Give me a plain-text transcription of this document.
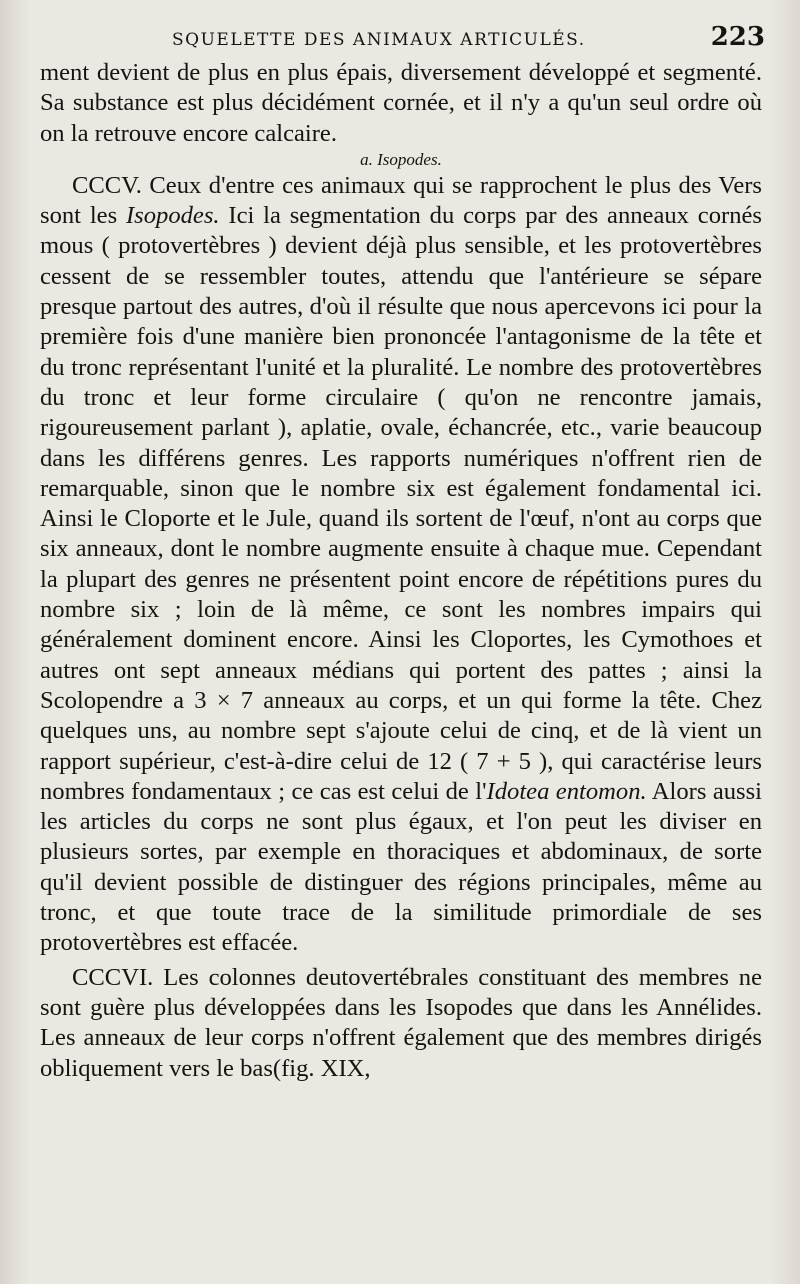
SQUELETTE DES ANIMAUX ARTICULÉS.	223

ment devient de plus en plus épais, diversement développé et segmenté. Sa substance est plus décidément cornée, et il n'y a qu'un seul ordre où on la retrouve encore calcaire.

a. Isopodes.

CCCV. Ceux d'entre ces animaux qui se rapprochent le plus des Vers sont les Isopodes. Ici la segmentation du corps par des anneaux cornés mous ( protovertèbres ) devient déjà plus sensible, et les protovertèbres cessent de se ressembler toutes, attendu que l'antérieure se sépare presque partout des autres, d'où il résulte que nous apercevons ici pour la première fois d'une manière bien prononcée l'antagonisme de la tête et du tronc représentant l'unité et la pluralité. Le nombre des protovertèbres du tronc et leur forme circulaire ( qu'on ne rencontre jamais, rigoureusement parlant ), aplatie, ovale, échancrée, etc., varie beaucoup dans les différens genres. Les rapports numériques n'offrent rien de remarquable, sinon que le nombre six est également fondamental ici. Ainsi le Cloporte et le Jule, quand ils sortent de l'œuf, n'ont au corps que six anneaux, dont le nombre augmente ensuite à chaque mue. Cependant la plupart des genres ne présentent point encore de répétitions pures du nombre six ; loin de là même, ce sont les nombres impairs qui généralement dominent encore. Ainsi les Cloportes, les Cymothoes et autres ont sept anneaux médians qui portent des pattes ; ainsi la Scolopendre a 3 × 7 anneaux au corps, et un qui forme la tête. Chez quelques uns, au nombre sept s'ajoute celui de cinq, et de là vient un rapport supérieur, c'est-à-dire celui de 12 ( 7 + 5 ), qui caractérise leurs nombres fondamentaux ; ce cas est celui de l'Idotea entomon. Alors aussi les articles du corps ne sont plus égaux, et l'on peut les diviser en plusieurs sortes, par exemple en thoraciques et abdominaux, de sorte qu'il devient possible de distinguer des régions principales, même au tronc, et que toute trace de la similitude primordiale de ses protovertèbres est effacée.

CCCVI. Les colonnes deutovertébrales constituant des membres ne sont guère plus développées dans les Isopodes que dans les Annélides. Les anneaux de leur corps n'offrent également que des membres dirigés obliquement vers le bas(fig. XIX,
